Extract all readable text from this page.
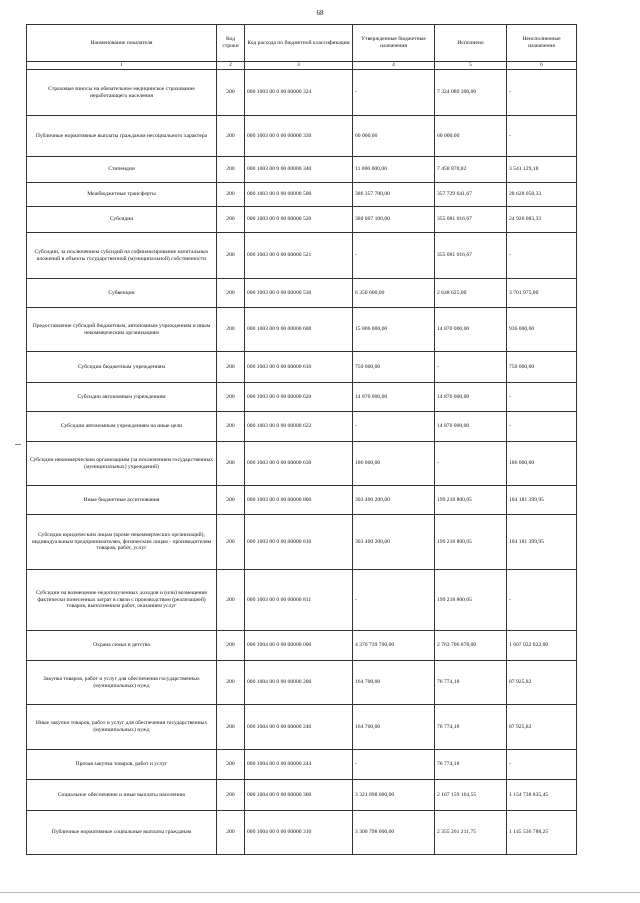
68
Наименование показателя	Код строки	Код расхода по бюджетной классификации	Утвержденные бюджетные назначения	Исполнено	Неисполненные назначения
1	2	3	4	5	6
Страховые взносы на обязательное медицинское страхование неработающего населения	200	000 1003 00 0 00 00000 324	-	7 324 080 300,00	-
Публичные нормативные выплаты гражданам несоциального характера	200	000 1003 00 0 00 00000 330	60 000,00	60 000,00	-
Стипендии	200	000 1003 00 0 00 00000 340	11 000 000,00	7 458 870,82	3 541 129,18
Межбюджетные трансферты	200	000 1003 00 0 00 00000 500	386 357 700,00	357 729 641,67	28 628 058,33
Субсидии	200	000 1003 00 0 00 00000 520	380 007 100,00	355 081 016,67	24 926 083,33
Субсидии, за исключением субсидий на софинансирование капитальных вложений в объекты государственной (муниципальной) собственности	200	000 1003 00 0 00 00000 521	-	355 081 016,67	-
Субвенции	200	000 1003 00 0 00 00000 530	6 350 600,00	2 648 625,00	3 701 975,00
Предоставление субсидий бюджетным, автономным учреждениям и иным некоммерческим организациям	200	000 1003 00 0 00 00000 600	15 806 000,00	14 870 000,00	936 000,00
Субсидии бюджетным учреждениям	200	000 1003 00 0 00 00000 610	750 000,00	-	750 000,00
Субсидии автономным учреждениям	200	000 1003 00 0 00 00000 620	14 870 000,00	14 870 000,00	-
Субсидии автономным учреждениям на иные цели	200	000 1003 00 0 00 00000 622	-	14 870 000,00	-
Субсидии некоммерческим организациям (за исключением государственных (муниципальных) учреждений)	200	000 1003 00 0 00 00000 630	186 000,00	-	186 000,00
Иные бюджетные ассигнования	200	000 1003 00 0 00 00000 800	303 400 200,00	199 218 800,05	104 181 399,95
Субсидии юридическим лицам (кроме некоммерческих организаций), индивидуальным предпринимателям, физическим лицам - производителям товаров, работ, услуг	200	000 1003 00 0 00 00000 810	303 400 200,00	199 218 800,05	104 181 399,95
Субсидии на возмещение недополученных доходов и (или) возмещение фактически понесенных затрат в связи с производством (реализацией) товаров, выполнением работ, оказанием услуг	200	000 1003 00 0 00 00000 811	-	199 218 800,05	-
Охрана семьи и детства	200	000 1004 00 0 00 00000 000	4 370 739 700,00	2 763 706 878,00	1 607 032 822,00
Закупка товаров, работ и услуг для обеспечения государственных (муниципальных) нужд	200	000 1004 00 0 00 00000 200	164 700,00	76 774,18	87 925,82
Иные закупки товаров, работ и услуг для обеспечения государственных (муниципальных) нужд	200	000 1004 00 0 00 00000 240	164 700,00	76 774,18	87 925,82
Прочая закупка товаров, работ и услуг	200	000 1004 00 0 00 00000 244	-	76 774,18	-
Социальное обеспечение и иные выплаты населению	200	000 1004 00 0 00 00000 300	3 321 898 000,00	2 167 159 164,55	1 154 738 835,45
Публичные нормативные социальные выплаты гражданам	200	000 1004 00 0 00 00000 310	3 300 798 000,00	2 355 261 211,75	1 145 536 788,25
